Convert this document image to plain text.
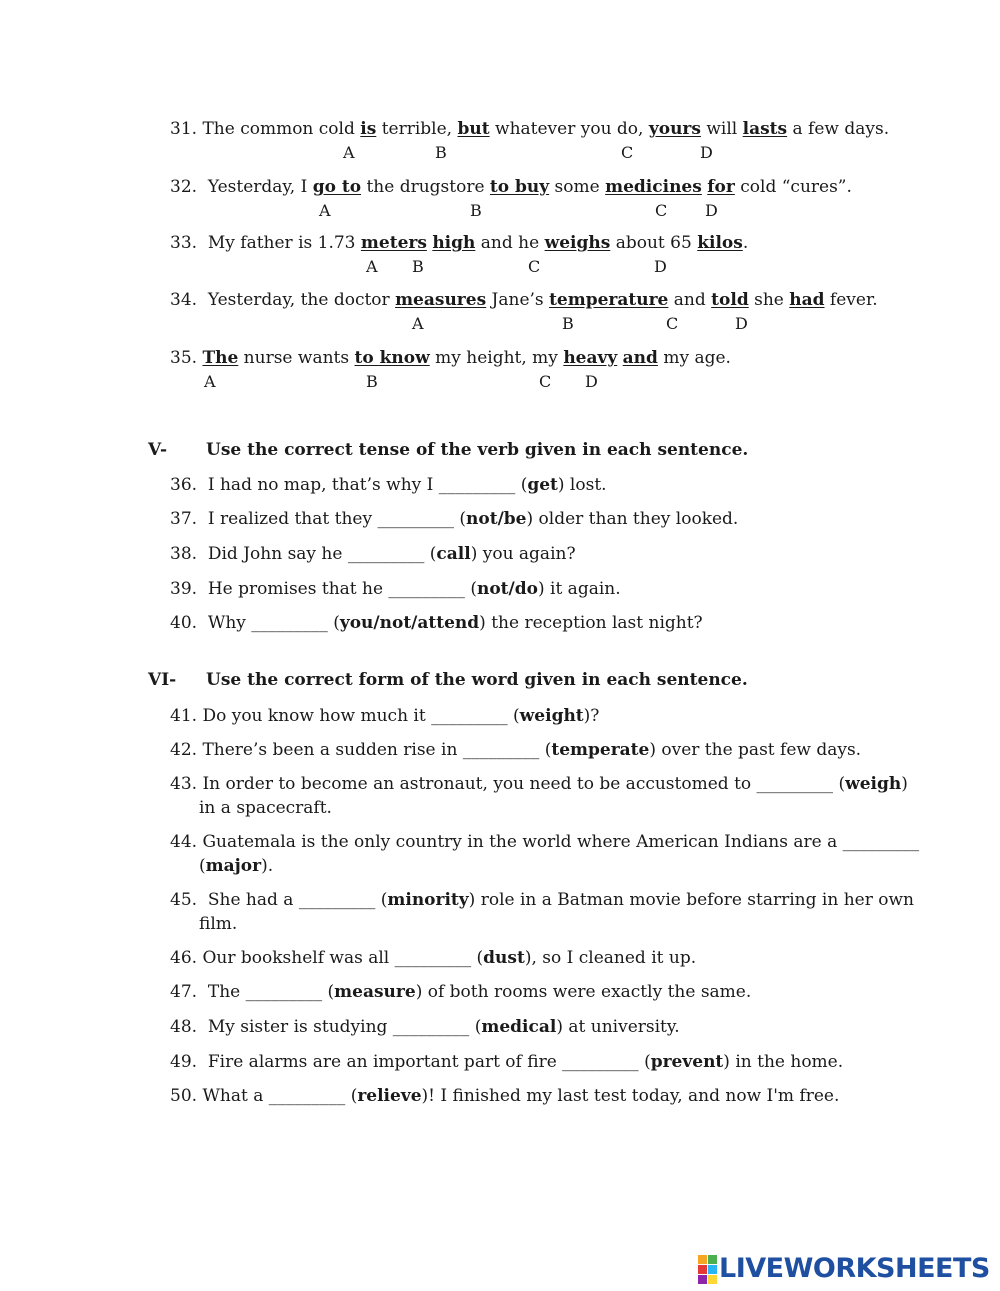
31. The common cold is terrible, but whatever you do, yours will lasts a few days.
A	B	C	D
32. Yesterday, I go to the drugstore to buy some medicines for cold “cures”.
A	B	C D
33. My father is 1.73 meters high and he weighs about 65 kilos.
A B	C	D
34. Yesterday, the doctor measures Jane’s temperature and told she had fever.
A	B	C	D
35. The nurse wants to know my height, my heavy and my age.
A	B	C D
V- Use the correct tense of the verb given in each sentence.
36. I had no map, that’s why I _________ (get) lost.
37. I realized that they _________ (not/be) older than they looked.
38. Did John say he _________ (call) you again?
39. He promises that he _________ (not/do) it again.
40. Why _________ (you/not/attend) the reception last night?
VI- Use the correct form of the word given in each sentence.
41. Do you know how much it _________ (weight)?
42. There’s been a sudden rise in _________ (temperate) over the past few days.
43. In order to become an astronaut, you need to be accustomed to _________ (weigh)
in a spacecraft.
44. Guatemala is the only country in the world where American Indians are a _________
(major).
45. She had a _________ (minority) role in a Batman movie before starring in her own
film.
46. Our bookshelf was all _________ (dust), so I cleaned it up.
47. The _________ (measure) of both rooms were exactly the same.
48. My sister is studying _________ (medical) at university.
49. Fire alarms are an important part of fire _________ (prevent) in the home.
50. What a _________ (relieve)! I finished my last test today, and now I'm free.
LIVEWORKSHEETS
